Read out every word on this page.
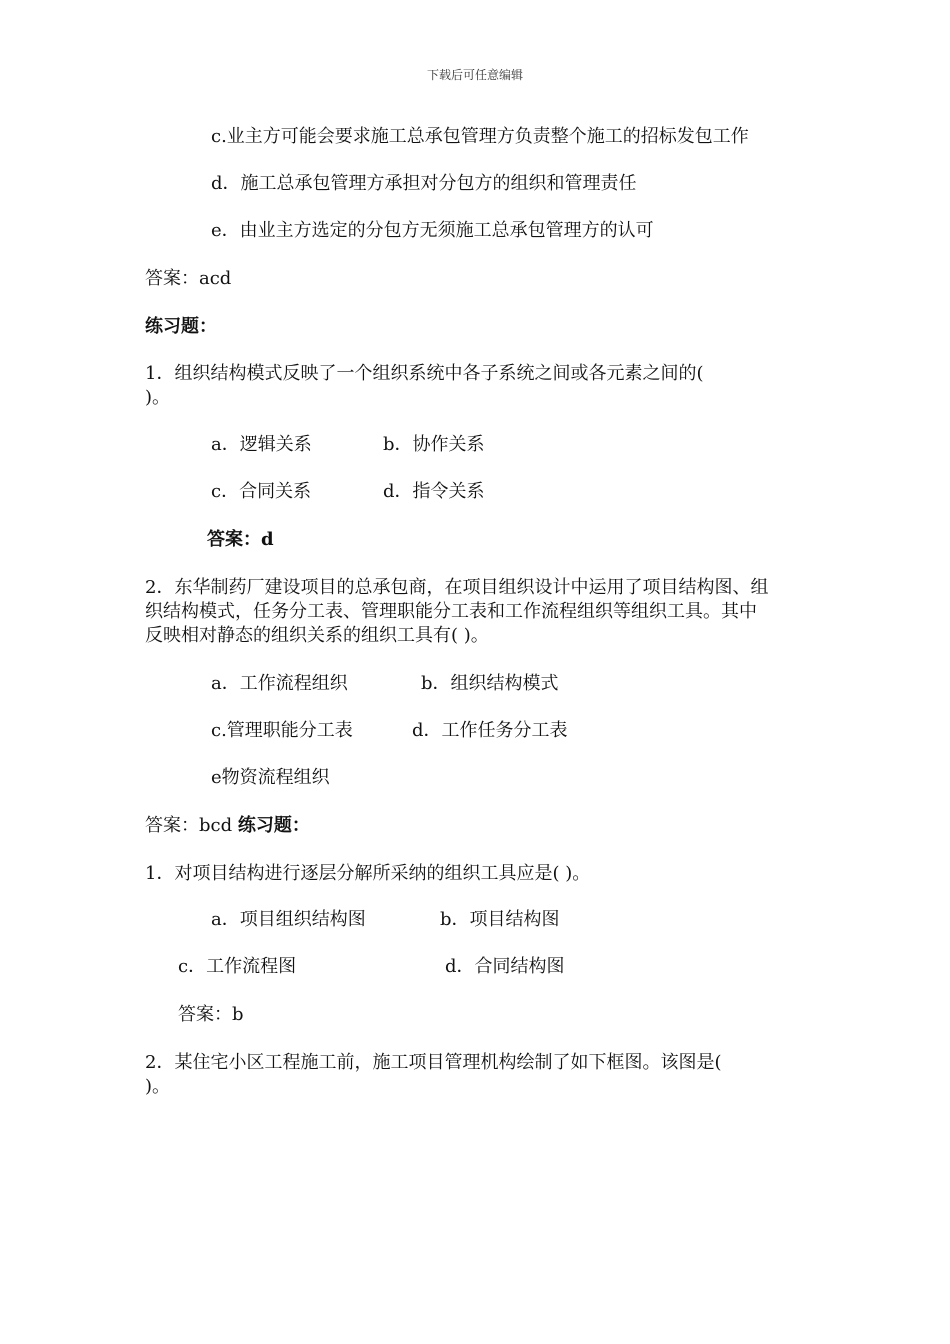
下载后可任意编辑
c.业主方可能会要求施工总承包管理方负责整个施工的招标发包工作
d．施工总承包管理方承担对分包方的组织和管理责任
e．由业主方选定的分包方无须施工总承包管理方的认可
答案：acd
练习题：
1．组织结构模式反映了一个组织系统中各子系统之间或各元素之间的(
)。
a．逻辑关系	b．协作关系
c．合同关系	d．指令关系
答案：d
2．东华制药厂建设项目的总承包商，在项目组织设计中运用了项目结构图、组
织结构模式，任务分工表、管理职能分工表和工作流程组织等组织工具。其中
反映相对静态的组织关系的组织工具有( )。
a．工作流程组织	b．组织结构模式
c.管理职能分工表	d．工作任务分工表
e物资流程组织
答案：bcd 练习题：
1．对项目结构进行逐层分解所采纳的组织工具应是( )。
a．项目组织结构图	b．项目结构图
c．工作流程图	d．合同结构图
答案：b
2．某住宅小区工程施工前，施工项目管理机构绘制了如下框图。该图是(
)。
